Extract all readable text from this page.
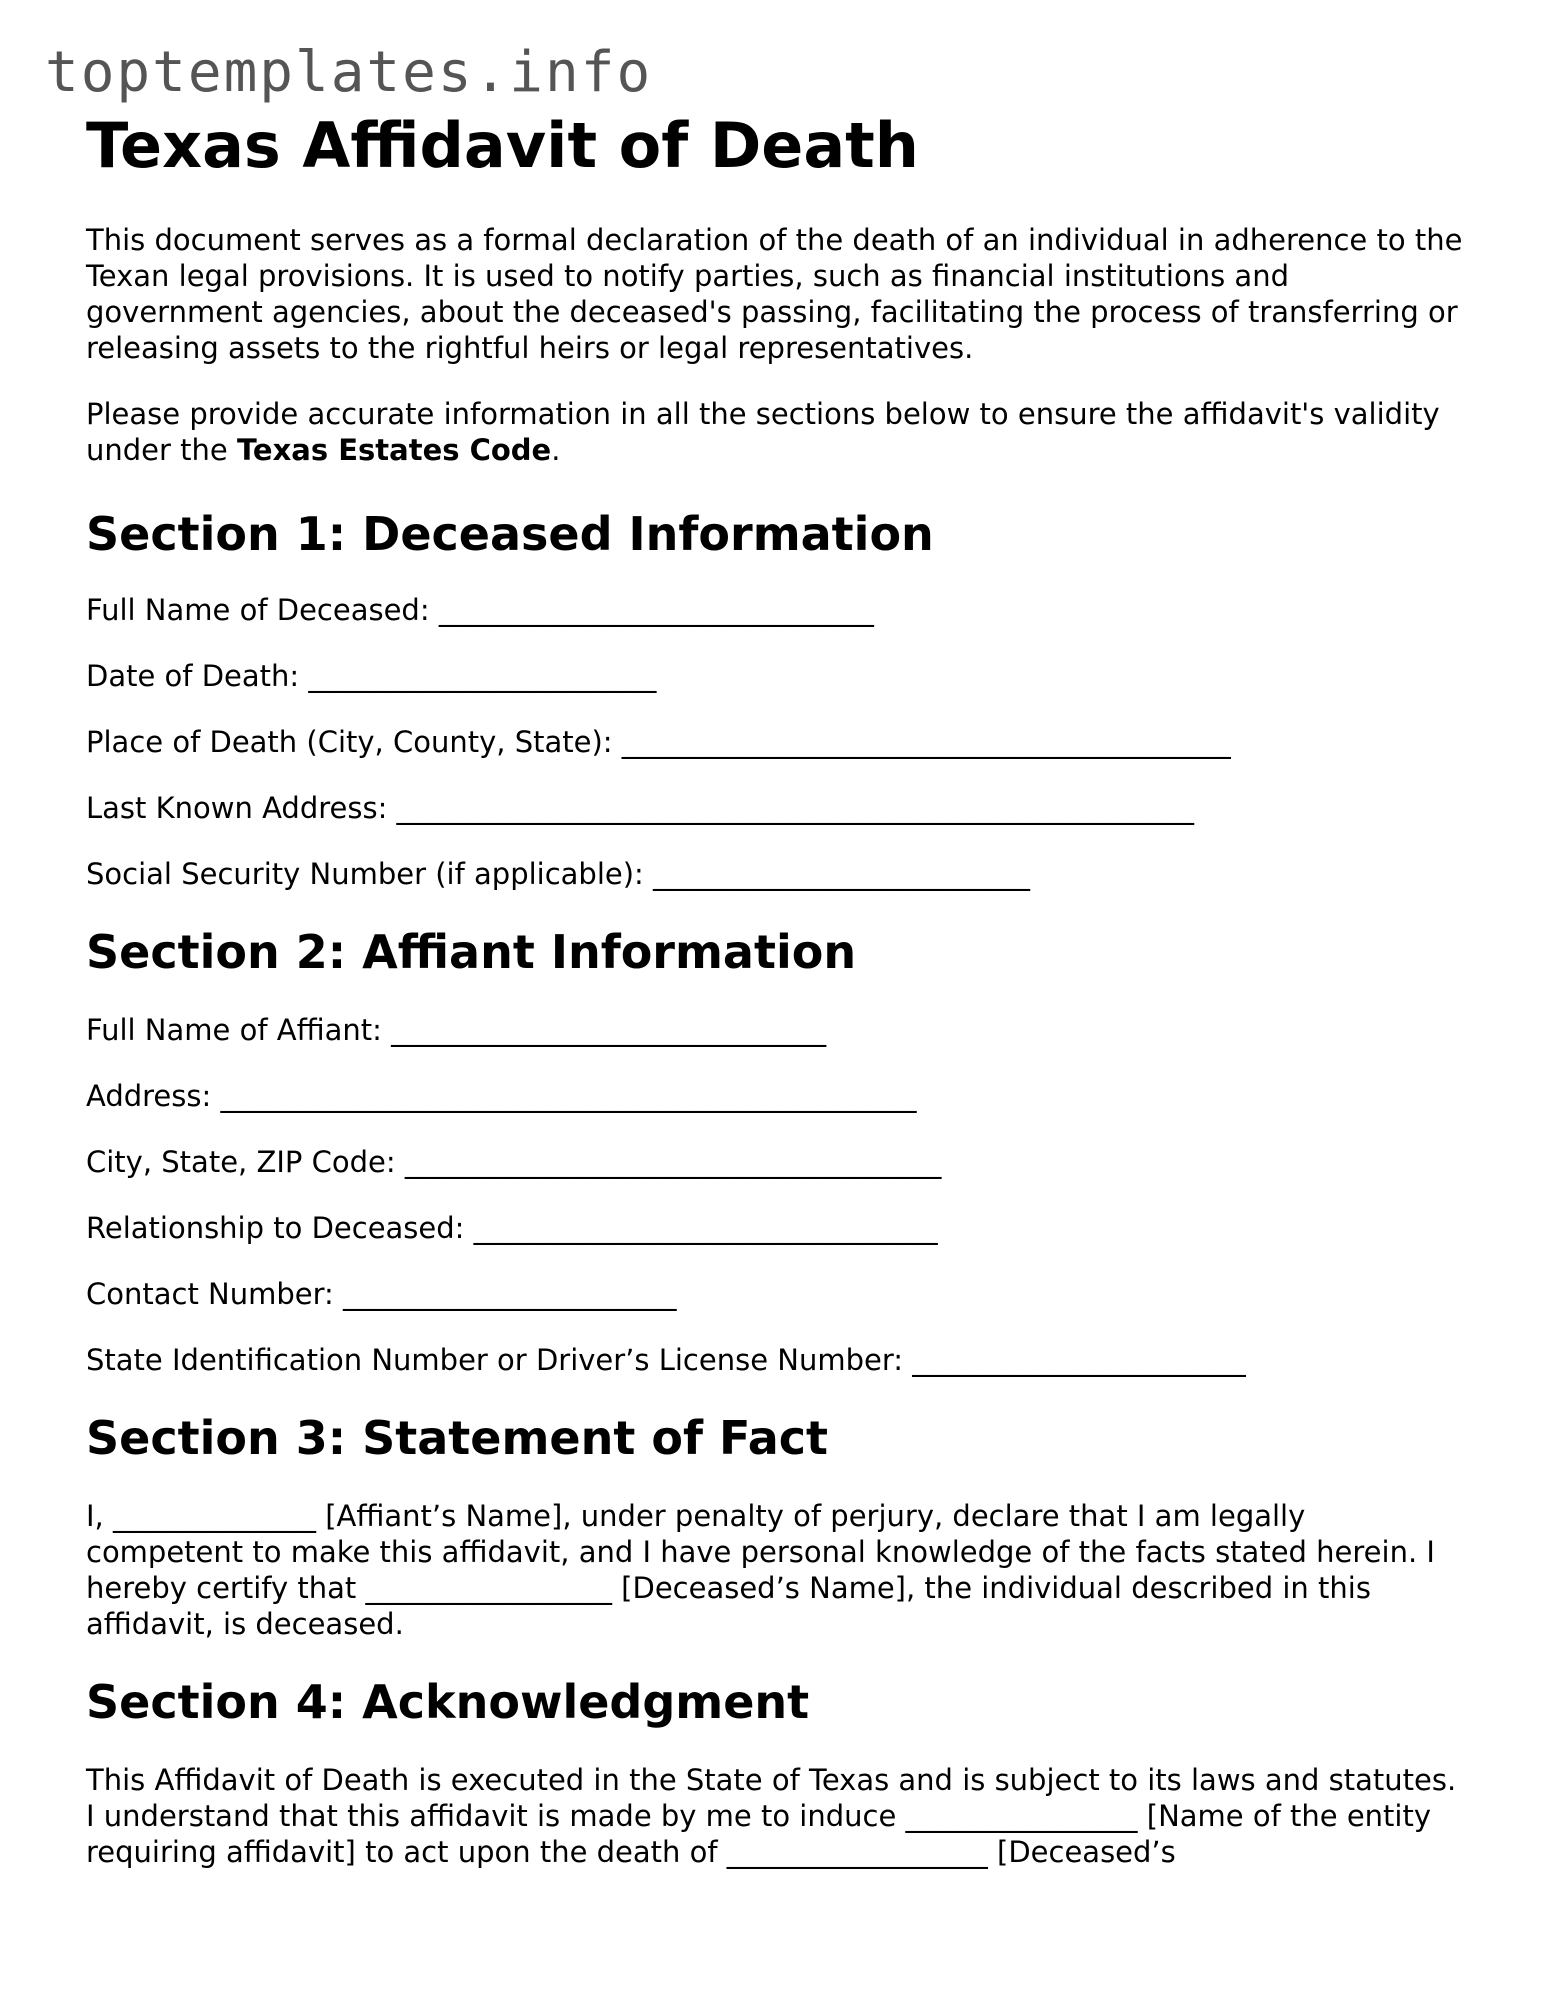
toptemplates.info
Texas Affidavit of Death

This document serves as a formal declaration of the death of an individual in adherence to the Texan legal provisions. It is used to notify parties, such as financial institutions and government agencies, about the deceased's passing, facilitating the process of transferring or releasing assets to the rightful heirs or legal representatives.

Please provide accurate information in all the sections below to ensure the affidavit's validity under the Texas Estates Code.

Section 1: Deceased Information

Full Name of Deceased: ______________________________

Date of Death: ________________________

Place of Death (City, County, State): __________________________________________

Last Known Address: _______________________________________________________

Social Security Number (if applicable): __________________________

Section 2: Affiant Information

Full Name of Affiant: ______________________________

Address: ________________________________________________

City, State, ZIP Code: _____________________________________

Relationship to Deceased: ________________________________

Contact Number: _______________________

State Identification Number or Driver’s License Number: _______________________

Section 3: Statement of Fact

I, ______________ [Affiant’s Name], under penalty of perjury, declare that I am legally competent to make this affidavit, and I have personal knowledge of the facts stated herein. I hereby certify that _________________ [Deceased’s Name], the individual described in this affidavit, is deceased.

Section 4: Acknowledgment

This Affidavit of Death is executed in the State of Texas and is subject to its laws and statutes. I understand that this affidavit is made by me to induce ________________ [Name of the entity requiring affidavit] to act upon the death of __________________ [Deceased’s
